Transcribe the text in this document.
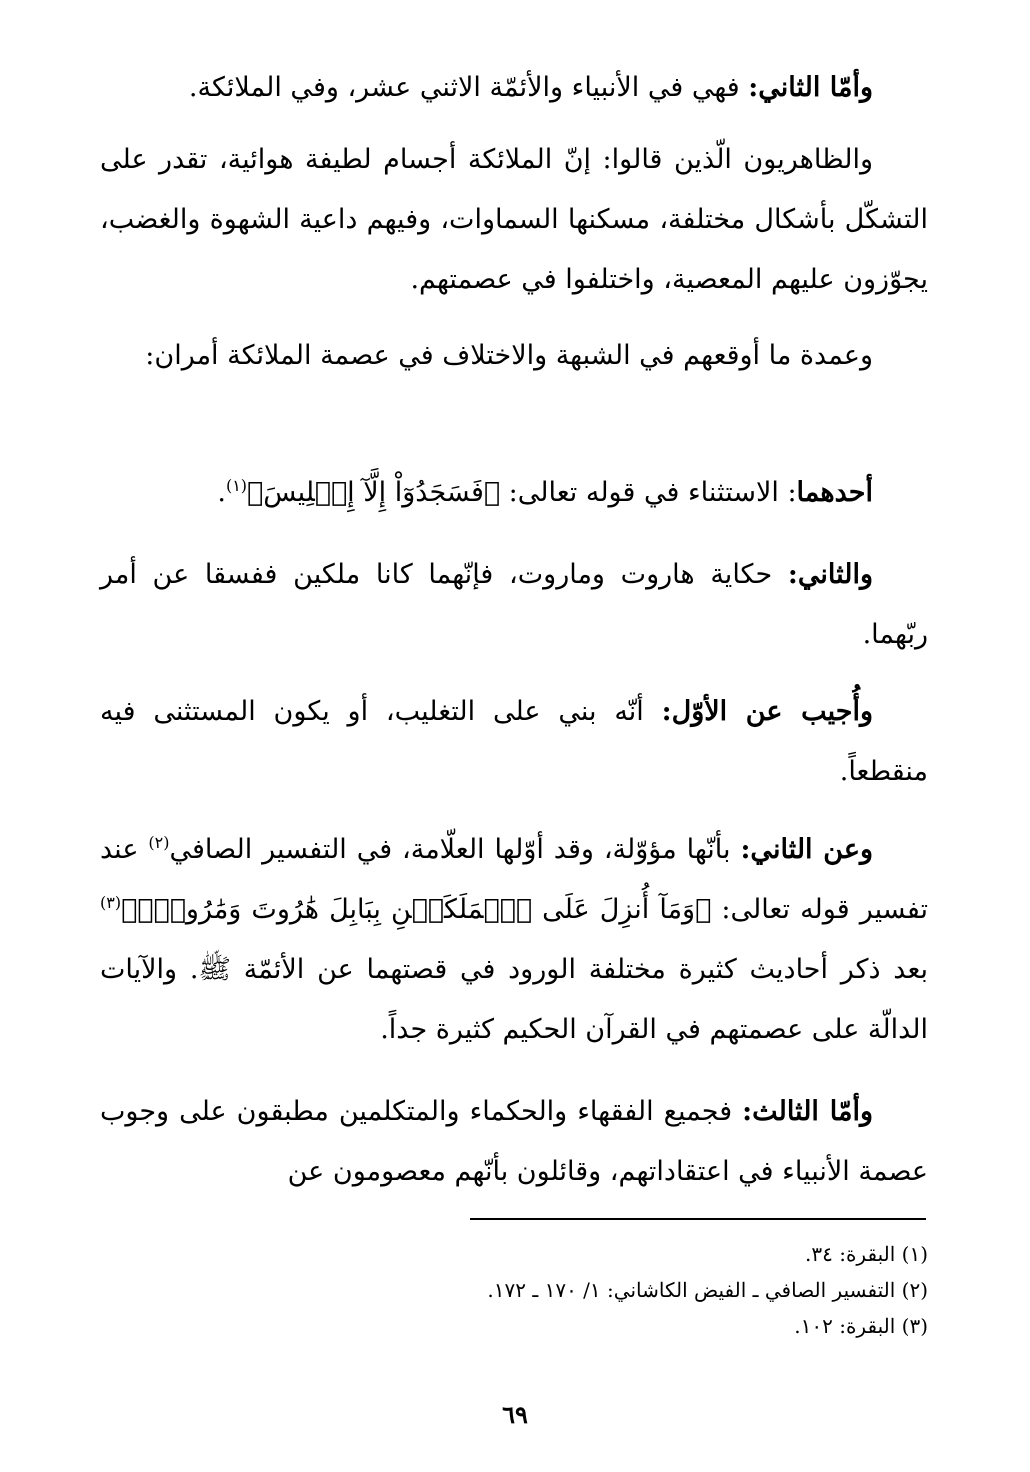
وأمّا الثاني: فهي في الأنبياء والأئمّة الاثني عشر، وفي الملائكة.

والظاهريون الّذين قالوا: إنّ الملائكة أجسام لطيفة هوائية، تقدر على التشكّل بأشكال مختلفة، مسكنها السماوات، وفيهم داعية الشهوة والغضب، يجوّزون عليهم المعصية، واختلفوا في عصمتهم.

وعمدة ما أوقعهم في الشبهة والاختلاف في عصمة الملائكة أمران:

أحدهما: الاستثناء في قوله تعالى: ﴿فَسَجَدُوٓاْ إِلَّآ إِبۡلِيسَ﴾$^{(١)}$.

والثاني: حكاية هاروت وماروت، فإنّهما كانا ملكين ففسقا عن أمر ربّهما.

وأُجيب عن الأوّل: أنّه بني على التغليب، أو يكون المستثنى فيه منقطعاً.

وعن الثاني: بأنّها مؤوّلة، وقد أوّلها العلّامة، في التفسير الصافي$^{(٢)}$ عند تفسير قوله تعالى: ﴿وَمَآ أُنزِلَ عَلَى ٱلۡمَلَكَيۡنِ بِبَابِلَ هَٰرُوتَ وَمَٰرُوتَۚ﴾$^{(٣)}$ بعد ذكر أحاديث كثيرة مختلفة الورود في قصتهما عن الأئمّة ﷺ. والآيات الدالّة على عصمتهم في القرآن الحكيم كثيرة جداً.

وأمّا الثالث: فجميع الفقهاء والحكماء والمتكلمين مطبقون على وجوب عصمة الأنبياء في اعتقاداتهم، وقائلون بأنّهم معصومون عن

(١) البقرة: ٣٤.

(٢) التفسير الصافي ـ الفيض الكاشاني: ١/ ١٧٠ ـ ١٧٢.

(٣) البقرة: ١٠٢.

٦٩
